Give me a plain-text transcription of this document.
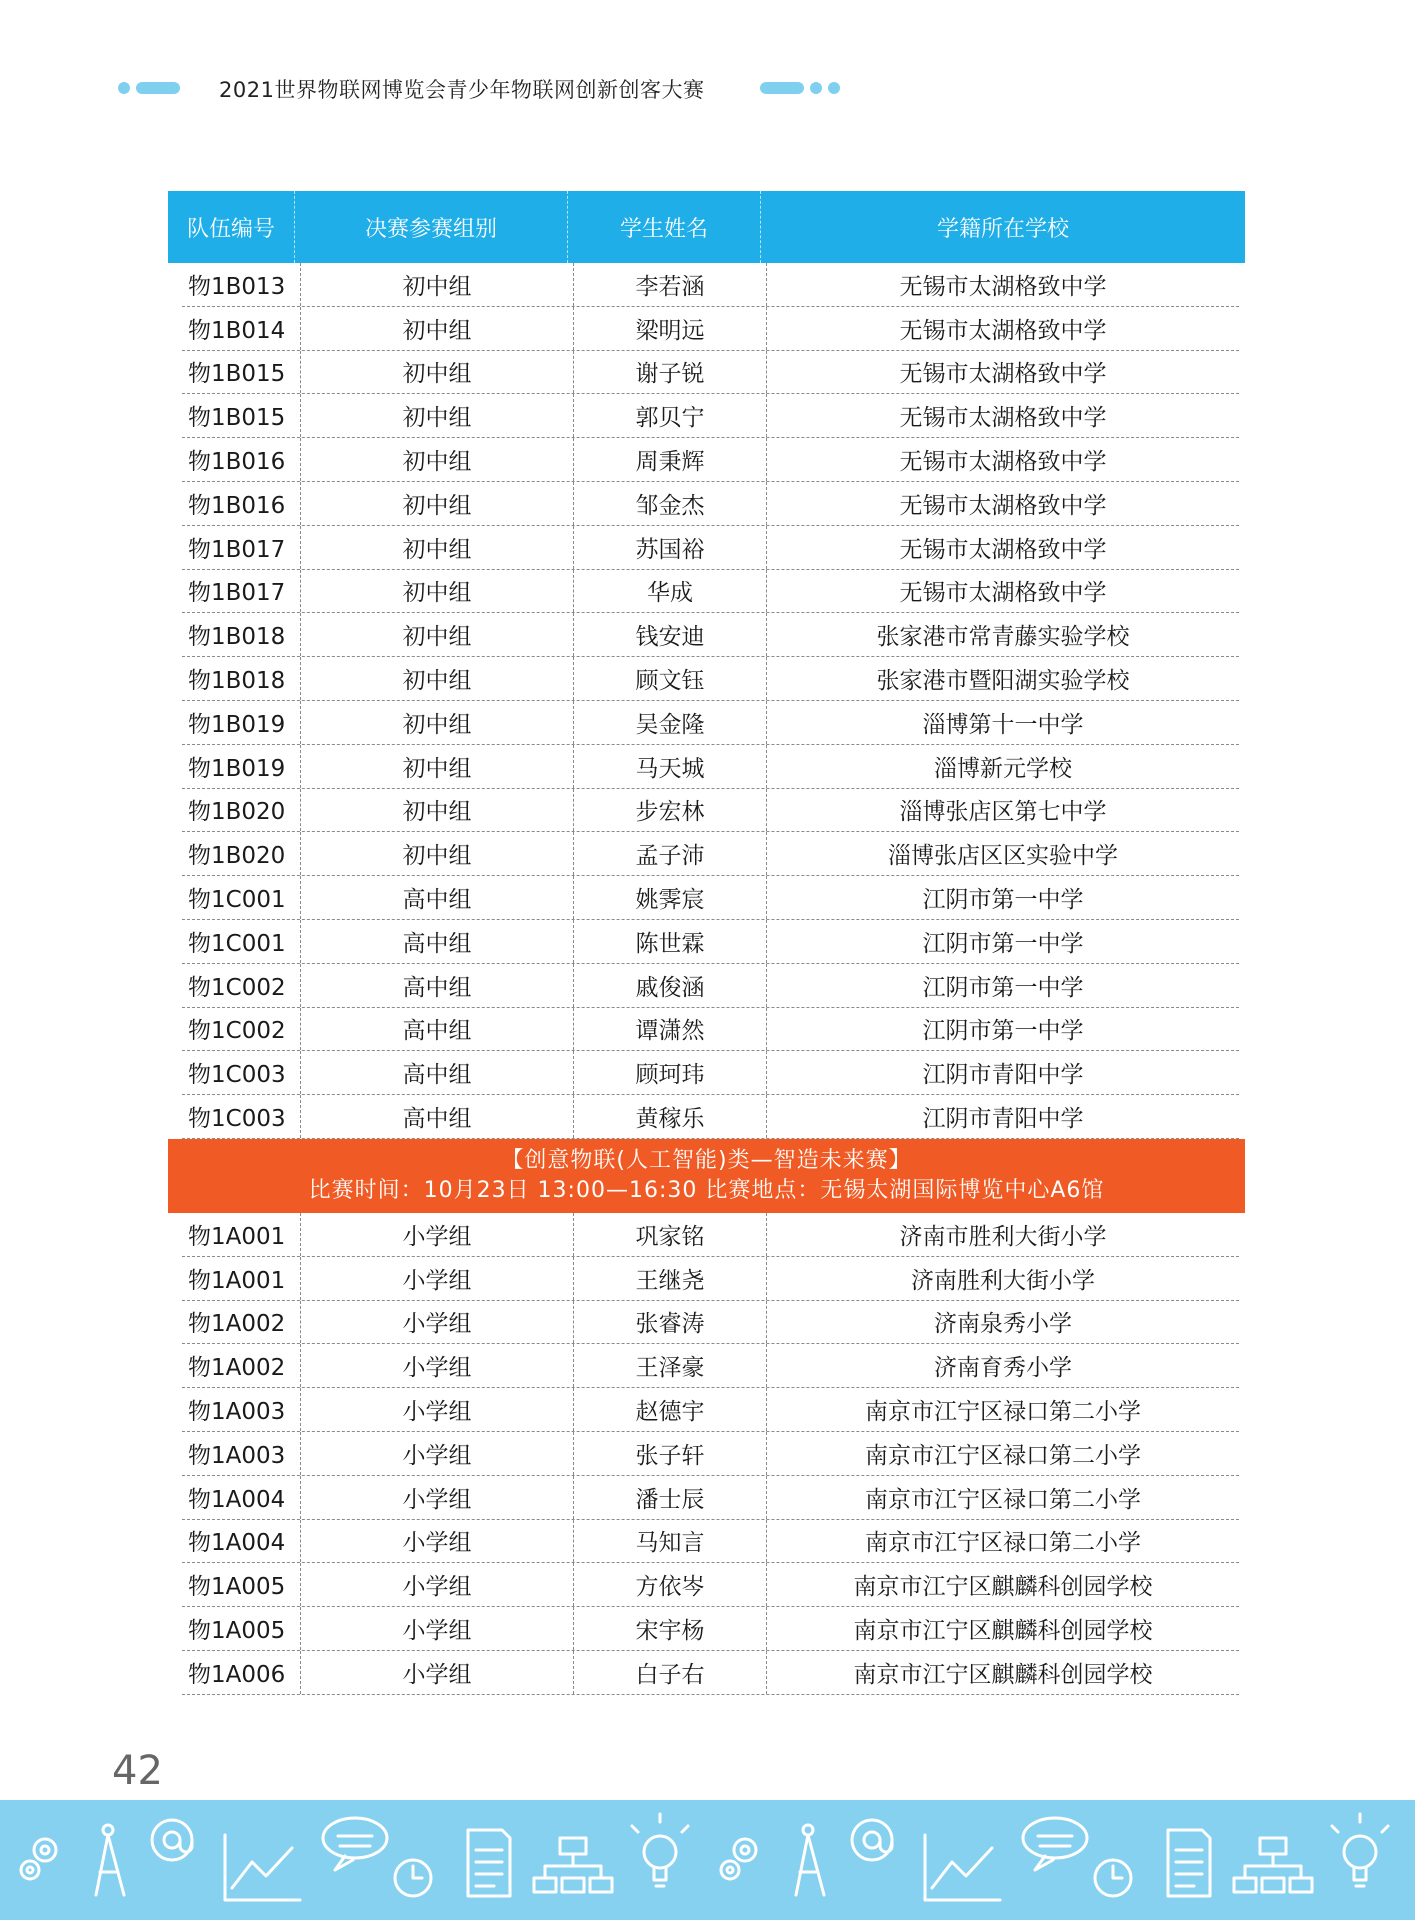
2021世界物联网博览会青少年物联网创新创客大赛
队伍编号	决赛参赛组别	学生姓名	学籍所在学校
物1B013	初中组	李若涵	无锡市太湖格致中学
物1B014	初中组	梁明远	无锡市太湖格致中学
物1B015	初中组	谢子锐	无锡市太湖格致中学
物1B015	初中组	郭贝宁	无锡市太湖格致中学
物1B016	初中组	周秉辉	无锡市太湖格致中学
物1B016	初中组	邹金杰	无锡市太湖格致中学
物1B017	初中组	苏国裕	无锡市太湖格致中学
物1B017	初中组	华成	无锡市太湖格致中学
物1B018	初中组	钱安迪	张家港市常青藤实验学校
物1B018	初中组	顾文钰	张家港市暨阳湖实验学校
物1B019	初中组	吴金隆	淄博第十一中学
物1B019	初中组	马天城	淄博新元学校
物1B020	初中组	步宏林	淄博张店区第七中学
物1B020	初中组	孟子沛	淄博张店区区实验中学
物1C001	高中组	姚霁宸	江阴市第一中学
物1C001	高中组	陈世霖	江阴市第一中学
物1C002	高中组	戚俊涵	江阴市第一中学
物1C002	高中组	谭潇然	江阴市第一中学
物1C003	高中组	顾珂玮	江阴市青阳中学
物1C003	高中组	黄稼乐	江阴市青阳中学
【创意物联(人工智能)类—智造未来赛】
比赛时间：10月23日 13:00—16:30 比赛地点：无锡太湖国际博览中心A6馆
物1A001	小学组	巩家铭	济南市胜利大街小学
物1A001	小学组	王继尧	济南胜利大街小学
物1A002	小学组	张睿涛	济南泉秀小学
物1A002	小学组	王泽豪	济南育秀小学
物1A003	小学组	赵德宇	南京市江宁区禄口第二小学
物1A003	小学组	张子轩	南京市江宁区禄口第二小学
物1A004	小学组	潘士辰	南京市江宁区禄口第二小学
物1A004	小学组	马知言	南京市江宁区禄口第二小学
物1A005	小学组	方依岑	南京市江宁区麒麟科创园学校
物1A005	小学组	宋宇杨	南京市江宁区麒麟科创园学校
物1A006	小学组	白子右	南京市江宁区麒麟科创园学校
42
